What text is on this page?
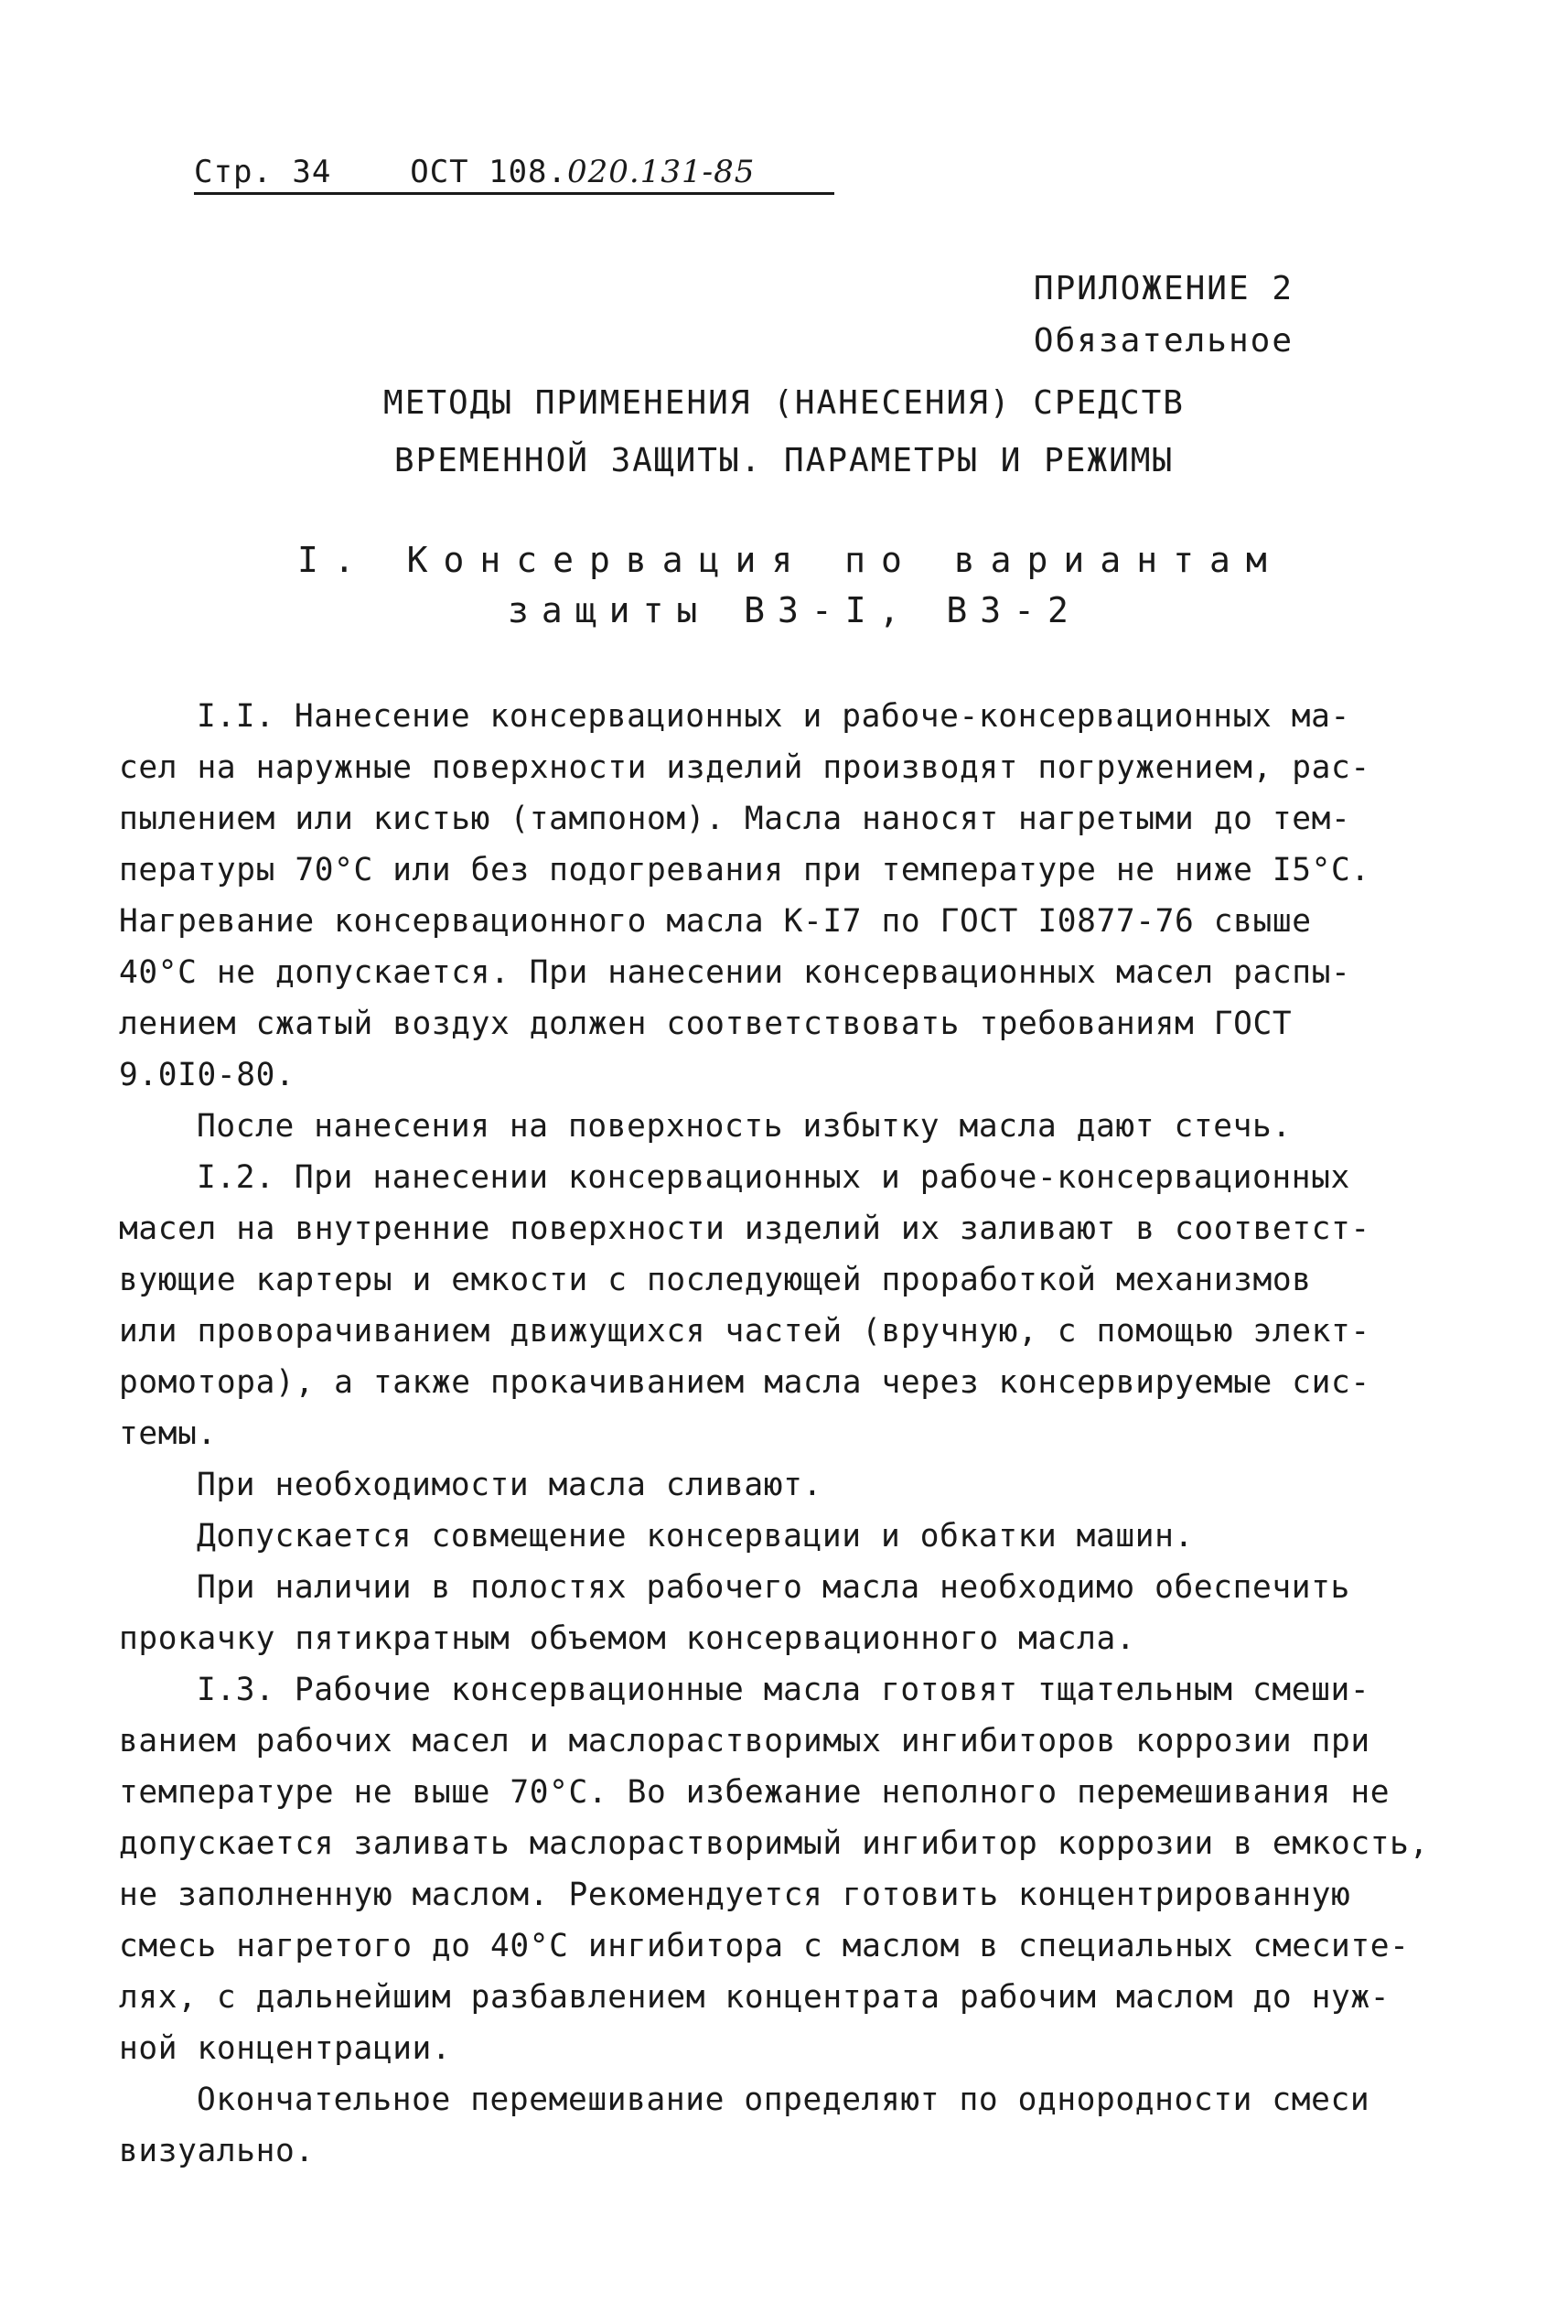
Стр. 34	ОСТ 108.020.131-85
ПРИЛОЖЕНИЕ 2
Обязательное
МЕТОДЫ ПРИМЕНЕНИЯ (НАНЕСЕНИЯ) СРЕДСТВ
ВРЕМЕННОЙ ЗАЩИТЫ. ПАРАМЕТРЫ И РЕЖИМЫ
I. Консервация по вариантам
защиты ВЗ-I, ВЗ-2
I.I. Нанесение консервационных и рабоче-консервационных ма-
сел на наружные поверхности изделий производят погружением, рас-
пылением или кистью (тампоном). Масла наносят нагретыми до тем-
пературы 70°С или без подогревания при температуре не ниже I5°С.
Нагревание консервационного масла К-I7 по ГОСТ I0877-76 свыше
40°С не допускается. При нанесении консервационных масел распы-
лением сжатый воздух должен соответствовать требованиям ГОСТ
9.0I0-80.
После нанесения на поверхность избытку масла дают стечь.
I.2. При нанесении консервационных и рабоче-консервационных
масел на внутренние поверхности изделий их заливают в соответст-
вующие картеры и емкости с последующей проработкой механизмов
или проворачиванием движущихся частей (вручную, с помощью элект-
ромотора), а также прокачиванием масла через консервируемые сис-
темы.
При необходимости масла сливают.
Допускается совмещение консервации и обкатки машин.
При наличии в полостях рабочего масла необходимо обеспечить
прокачку пятикратным объемом консервационного масла.
I.3. Рабочие консервационные масла готовят тщательным смеши-
ванием рабочих масел и маслорастворимых ингибиторов коррозии при
температуре не выше 70°С. Во избежание неполного перемешивания не
допускается заливать маслорастворимый ингибитор коррозии в емкость,
не заполненную маслом. Рекомендуется готовить концентрированную
смесь нагретого до 40°С ингибитора с маслом в специальных смесите-
лях, с дальнейшим разбавлением концентрата рабочим маслом до нуж-
ной концентрации.
Окончательное перемешивание определяют по однородности смеси
визуально.
